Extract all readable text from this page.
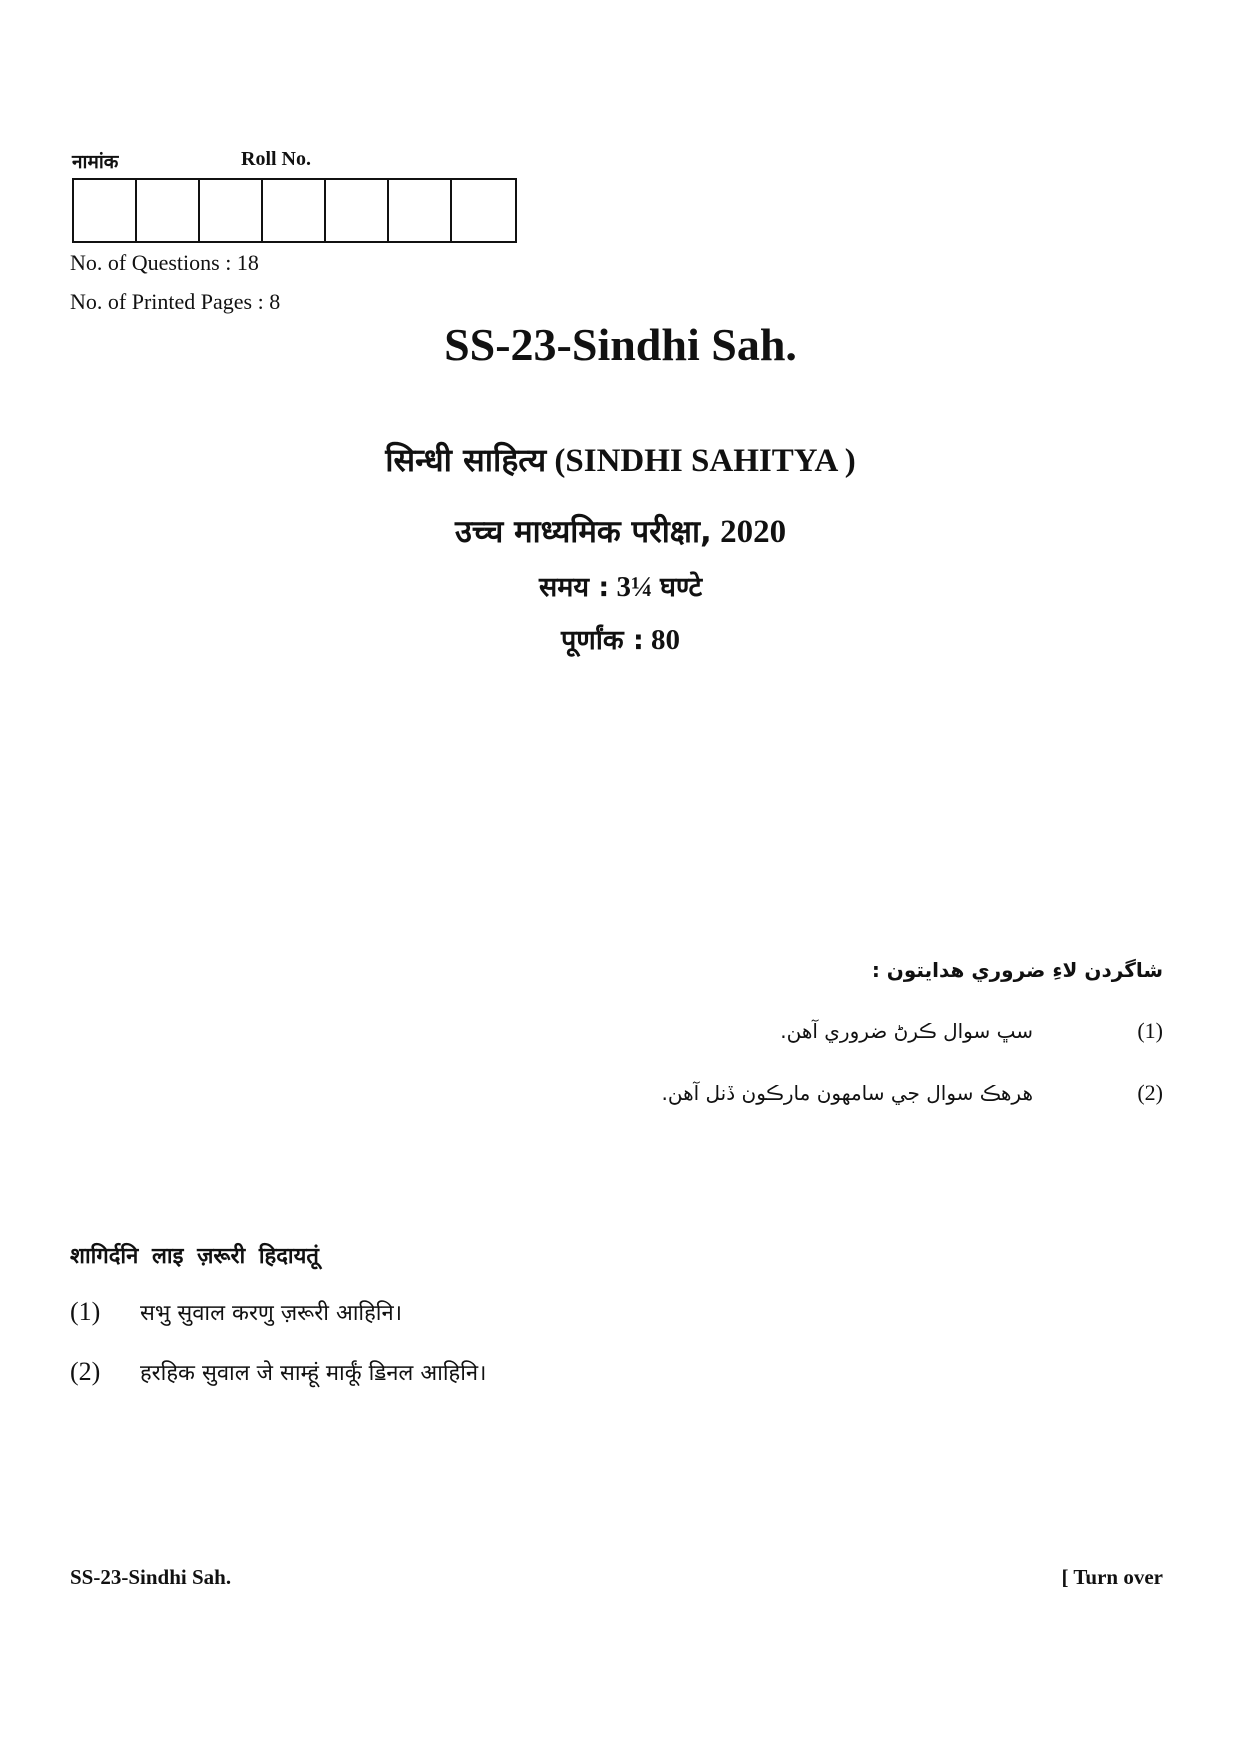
नामांक	Roll No.
No. of Questions : 18
No. of Printed Pages : 8
SS-23-Sindhi Sah.
सिन्धी साहित्य (SINDHI SAHITYA )
उच्च माध्यमिक परीक्षा, 2020
समय : 3¼ घण्टे
पूर्णांक : 80
شاگردن لاءِ ضروري هدايتون :
(1)
سڀ سوال ڪرڻ ضروري آهن.
(2)
هرهڪ سوال جي سامهون مارڪون ڏنل آهن.
शागिर्दनि लाइ ज़रूरी हिदायतूं
(1)	सभु सुवाल करणु ज़रूरी आहिनि।
(2)	हरहिक सुवाल जे साम्हूं मार्कूं ॾिनल आहिनि।
SS-23-Sindhi Sah.	[ Turn over
